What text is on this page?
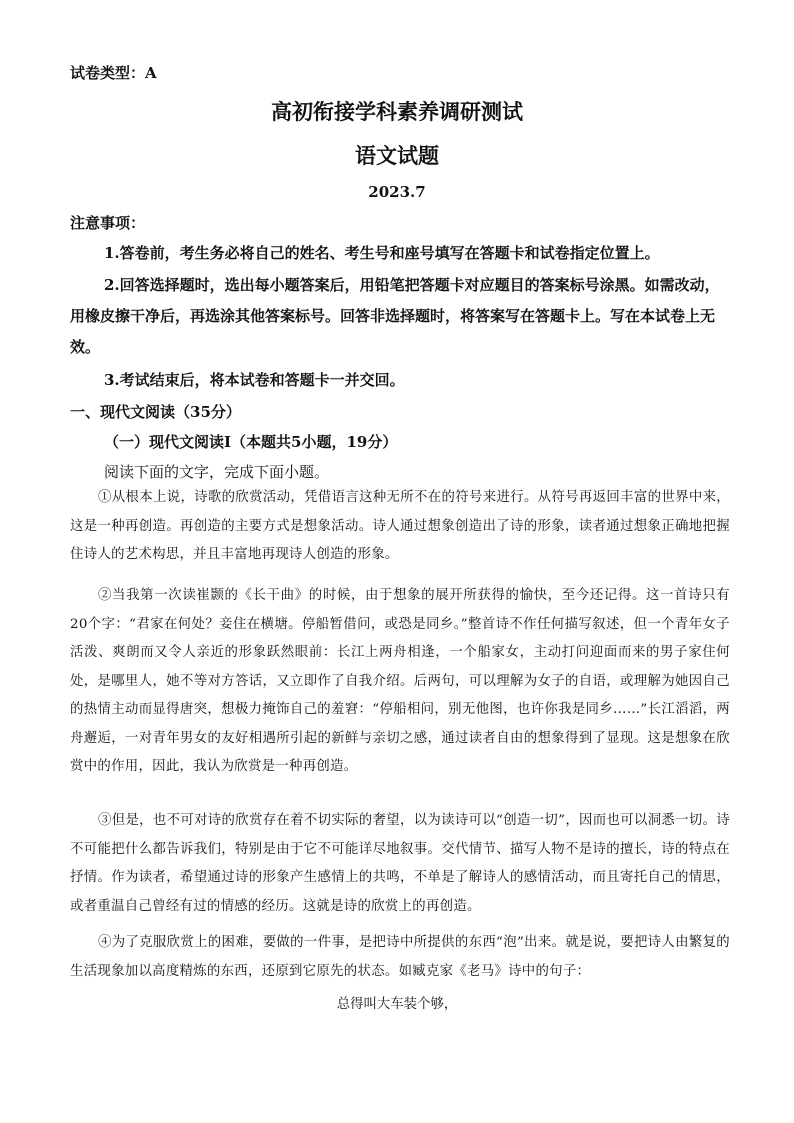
试卷类型：A
高初衔接学科素养调研测试
语文试题
2023.7
注意事项：
1.答卷前，考生务必将自己的姓名、考生号和座号填写在答题卡和试卷指定位置上。
2.回答选择题时，选出每小题答案后，用铅笔把答题卡对应题目的答案标号涂黑。如需改动，用橡皮擦干净后，再选涂其他答案标号。回答非选择题时，将答案写在答题卡上。写在本试卷上无效。
3.考试结束后，将本试卷和答题卡一并交回。
一、现代文阅读（35分）
（一）现代文阅读Ⅰ（本题共5小题，19分）
阅读下面的文字，完成下面小题。
①从根本上说，诗歌的欣赏活动，凭借语言这种无所不在的符号来进行。从符号再返回丰富的世界中来，这是一种再创造。再创造的主要方式是想象活动。诗人通过想象创造出了诗的形象，读者通过想象正确地把握住诗人的艺术构思，并且丰富地再现诗人创造的形象。
②当我第一次读崔颢的《长干曲》的时候，由于想象的展开所获得的愉快，至今还记得。这一首诗只有20个字：“君家在何处？妾住在横塘。停船暂借问，或恐是同乡。”整首诗不作任何描写叙述，但一个青年女子活泼、爽朗而又令人亲近的形象跃然眼前：长江上两舟相逢，一个船家女，主动打问迎面而来的男子家住何处，是哪里人，她不等对方答话，又立即作了自我介绍。后两句，可以理解为女子的自语，或理解为她因自己的热情主动而显得唐突，想极力掩饰自己的羞窘：“停船相问，别无他图，也许你我是同乡……”长江滔滔，两舟邂逅，一对青年男女的友好相遇所引起的新鲜与亲切之感，通过读者自由的想象得到了显现。这是想象在欣赏中的作用，因此，我认为欣赏是一种再创造。
③但是，也不可对诗的欣赏存在着不切实际的奢望，以为读诗可以“创造一切”，因而也可以洞悉一切。诗不可能把什么都告诉我们，特别是由于它不可能详尽地叙事。交代情节、描写人物不是诗的擅长，诗的特点在抒情。作为读者，希望通过诗的形象产生感情上的共鸣，不单是了解诗人的感情活动，而且寄托自己的情思，或者重温自己曾经有过的情感的经历。这就是诗的欣赏上的再创造。
④为了克服欣赏上的困难，要做的一件事，是把诗中所提供的东西“泡”出来。就是说，要把诗人由繁复的生活现象加以高度精炼的东西，还原到它原先的状态。如臧克家《老马》诗中的句子：
总得叫大车装个够，
